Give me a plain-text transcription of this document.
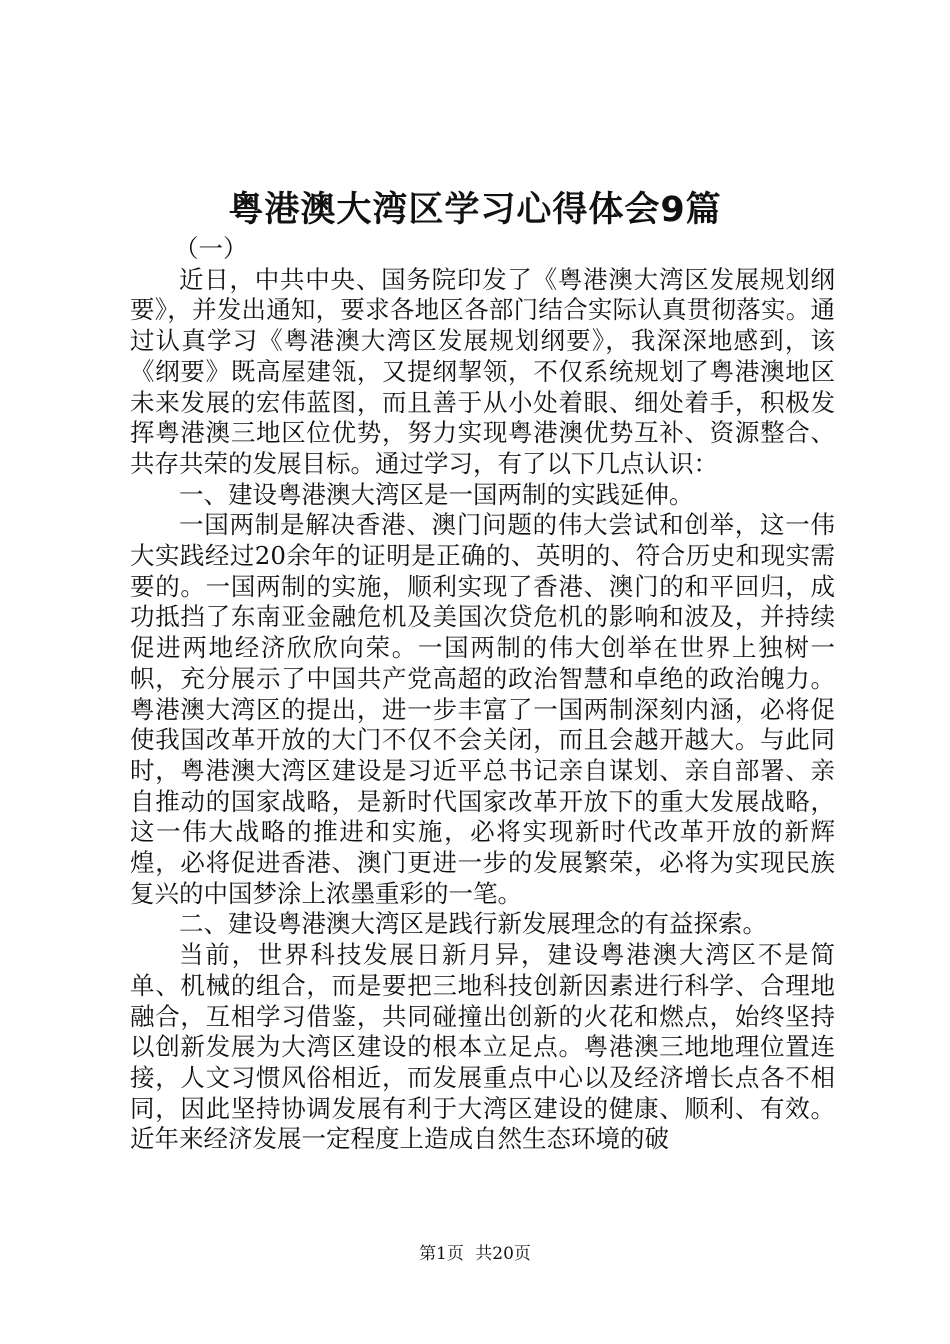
粤港澳大湾区学习心得体会9篇

（一）

近日，中共中央、国务院印发了《粤港澳大湾区发展规划纲要》，并发出通知，要求各地区各部门结合实际认真贯彻落实。通过认真学习《粤港澳大湾区发展规划纲要》，我深深地感到，该《纲要》既高屋建瓴，又提纲挈领，不仅系统规划了粤港澳地区未来发展的宏伟蓝图，而且善于从小处着眼、细处着手，积极发挥粤港澳三地区位优势，努力实现粤港澳优势互补、资源整合、共存共荣的发展目标。通过学习，有了以下几点认识：

一、建设粤港澳大湾区是一国两制的实践延伸。

一国两制是解决香港、澳门问题的伟大尝试和创举，这一伟大实践经过20余年的证明是正确的、英明的、符合历史和现实需要的。一国两制的实施，顺利实现了香港、澳门的和平回归，成功抵挡了东南亚金融危机及美国次贷危机的影响和波及，并持续促进两地经济欣欣向荣。一国两制的伟大创举在世界上独树一帜，充分展示了中国共产党高超的政治智慧和卓绝的政治魄力。粤港澳大湾区的提出，进一步丰富了一国两制深刻内涵，必将促使我国改革开放的大门不仅不会关闭，而且会越开越大。与此同时，粤港澳大湾区建设是习近平总书记亲自谋划、亲自部署、亲自推动的国家战略，是新时代国家改革开放下的重大发展战略，这一伟大战略的推进和实施，必将实现新时代改革开放的新辉煌，必将促进香港、澳门更进一步的发展繁荣，必将为实现民族复兴的中国梦涂上浓墨重彩的一笔。

二、建设粤港澳大湾区是践行新发展理念的有益探索。

当前，世界科技发展日新月异，建设粤港澳大湾区不是简单、机械的组合，而是要把三地科技创新因素进行科学、合理地融合，互相学习借鉴，共同碰撞出创新的火花和燃点，始终坚持以创新发展为大湾区建设的根本立足点。粤港澳三地地理位置连接，人文习惯风俗相近，而发展重点中心以及经济增长点各不相同，因此坚持协调发展有利于大湾区建设的健康、顺利、有效。近年来经济发展一定程度上造成自然生态环境的破

第1页 共20页
